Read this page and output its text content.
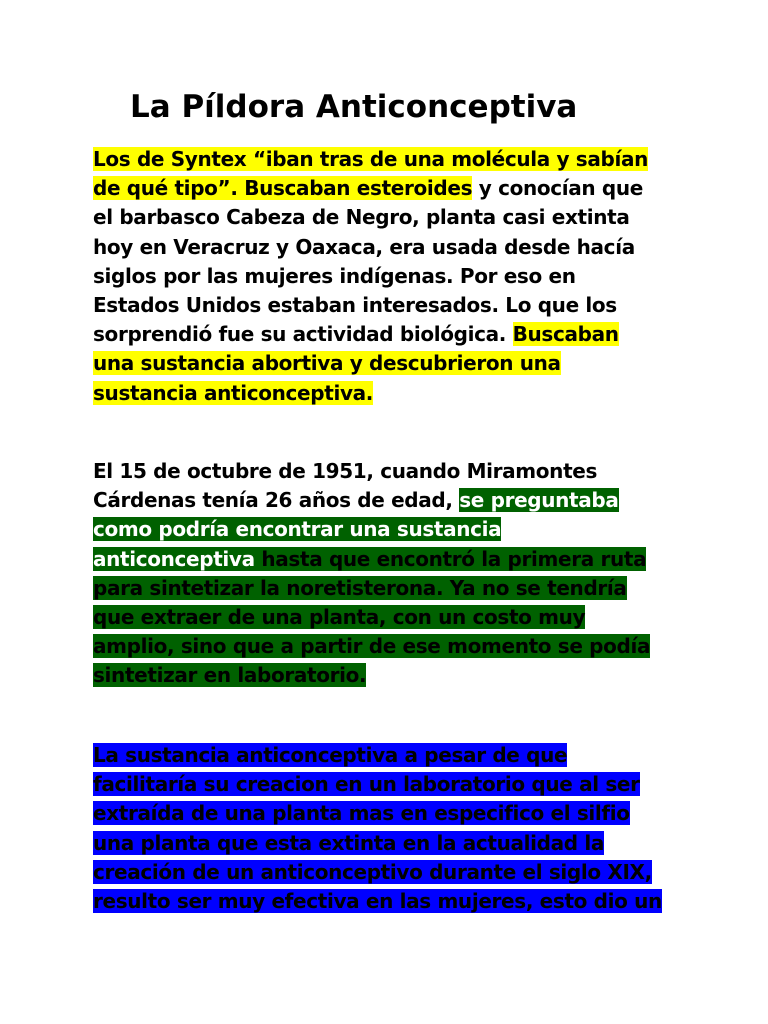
La Píldora Anticonceptiva
Los de Syntex “iban tras de una molécula y sabían
de qué tipo”. Buscaban esteroides y conocían que
el barbasco Cabeza de Negro, planta casi extinta
hoy en Veracruz y Oaxaca, era usada desde hacía
siglos por las mujeres indígenas. Por eso en
Estados Unidos estaban interesados. Lo que los
sorprendió fue su actividad biológica. Buscaban
una sustancia abortiva y descubrieron una
sustancia anticonceptiva.
El 15 de octubre de 1951, cuando Miramontes
Cárdenas tenía 26 años de edad, se preguntaba
como podría encontrar una sustancia
anticonceptiva hasta que encontró la primera ruta
para sintetizar la noretisterona. Ya no se tendría
que extraer de una planta, con un costo muy
amplio, sino que a partir de ese momento se podía
sintetizar en laboratorio.
La sustancia anticonceptiva a pesar de que
facilitaría su creacion en un laboratorio que al ser
extraída de una planta mas en especifico el silfio
una planta que esta extinta en la actualidad la
creación de un anticonceptivo durante el siglo XIX,
resulto ser muy efectiva en las mujeres, esto dio un
